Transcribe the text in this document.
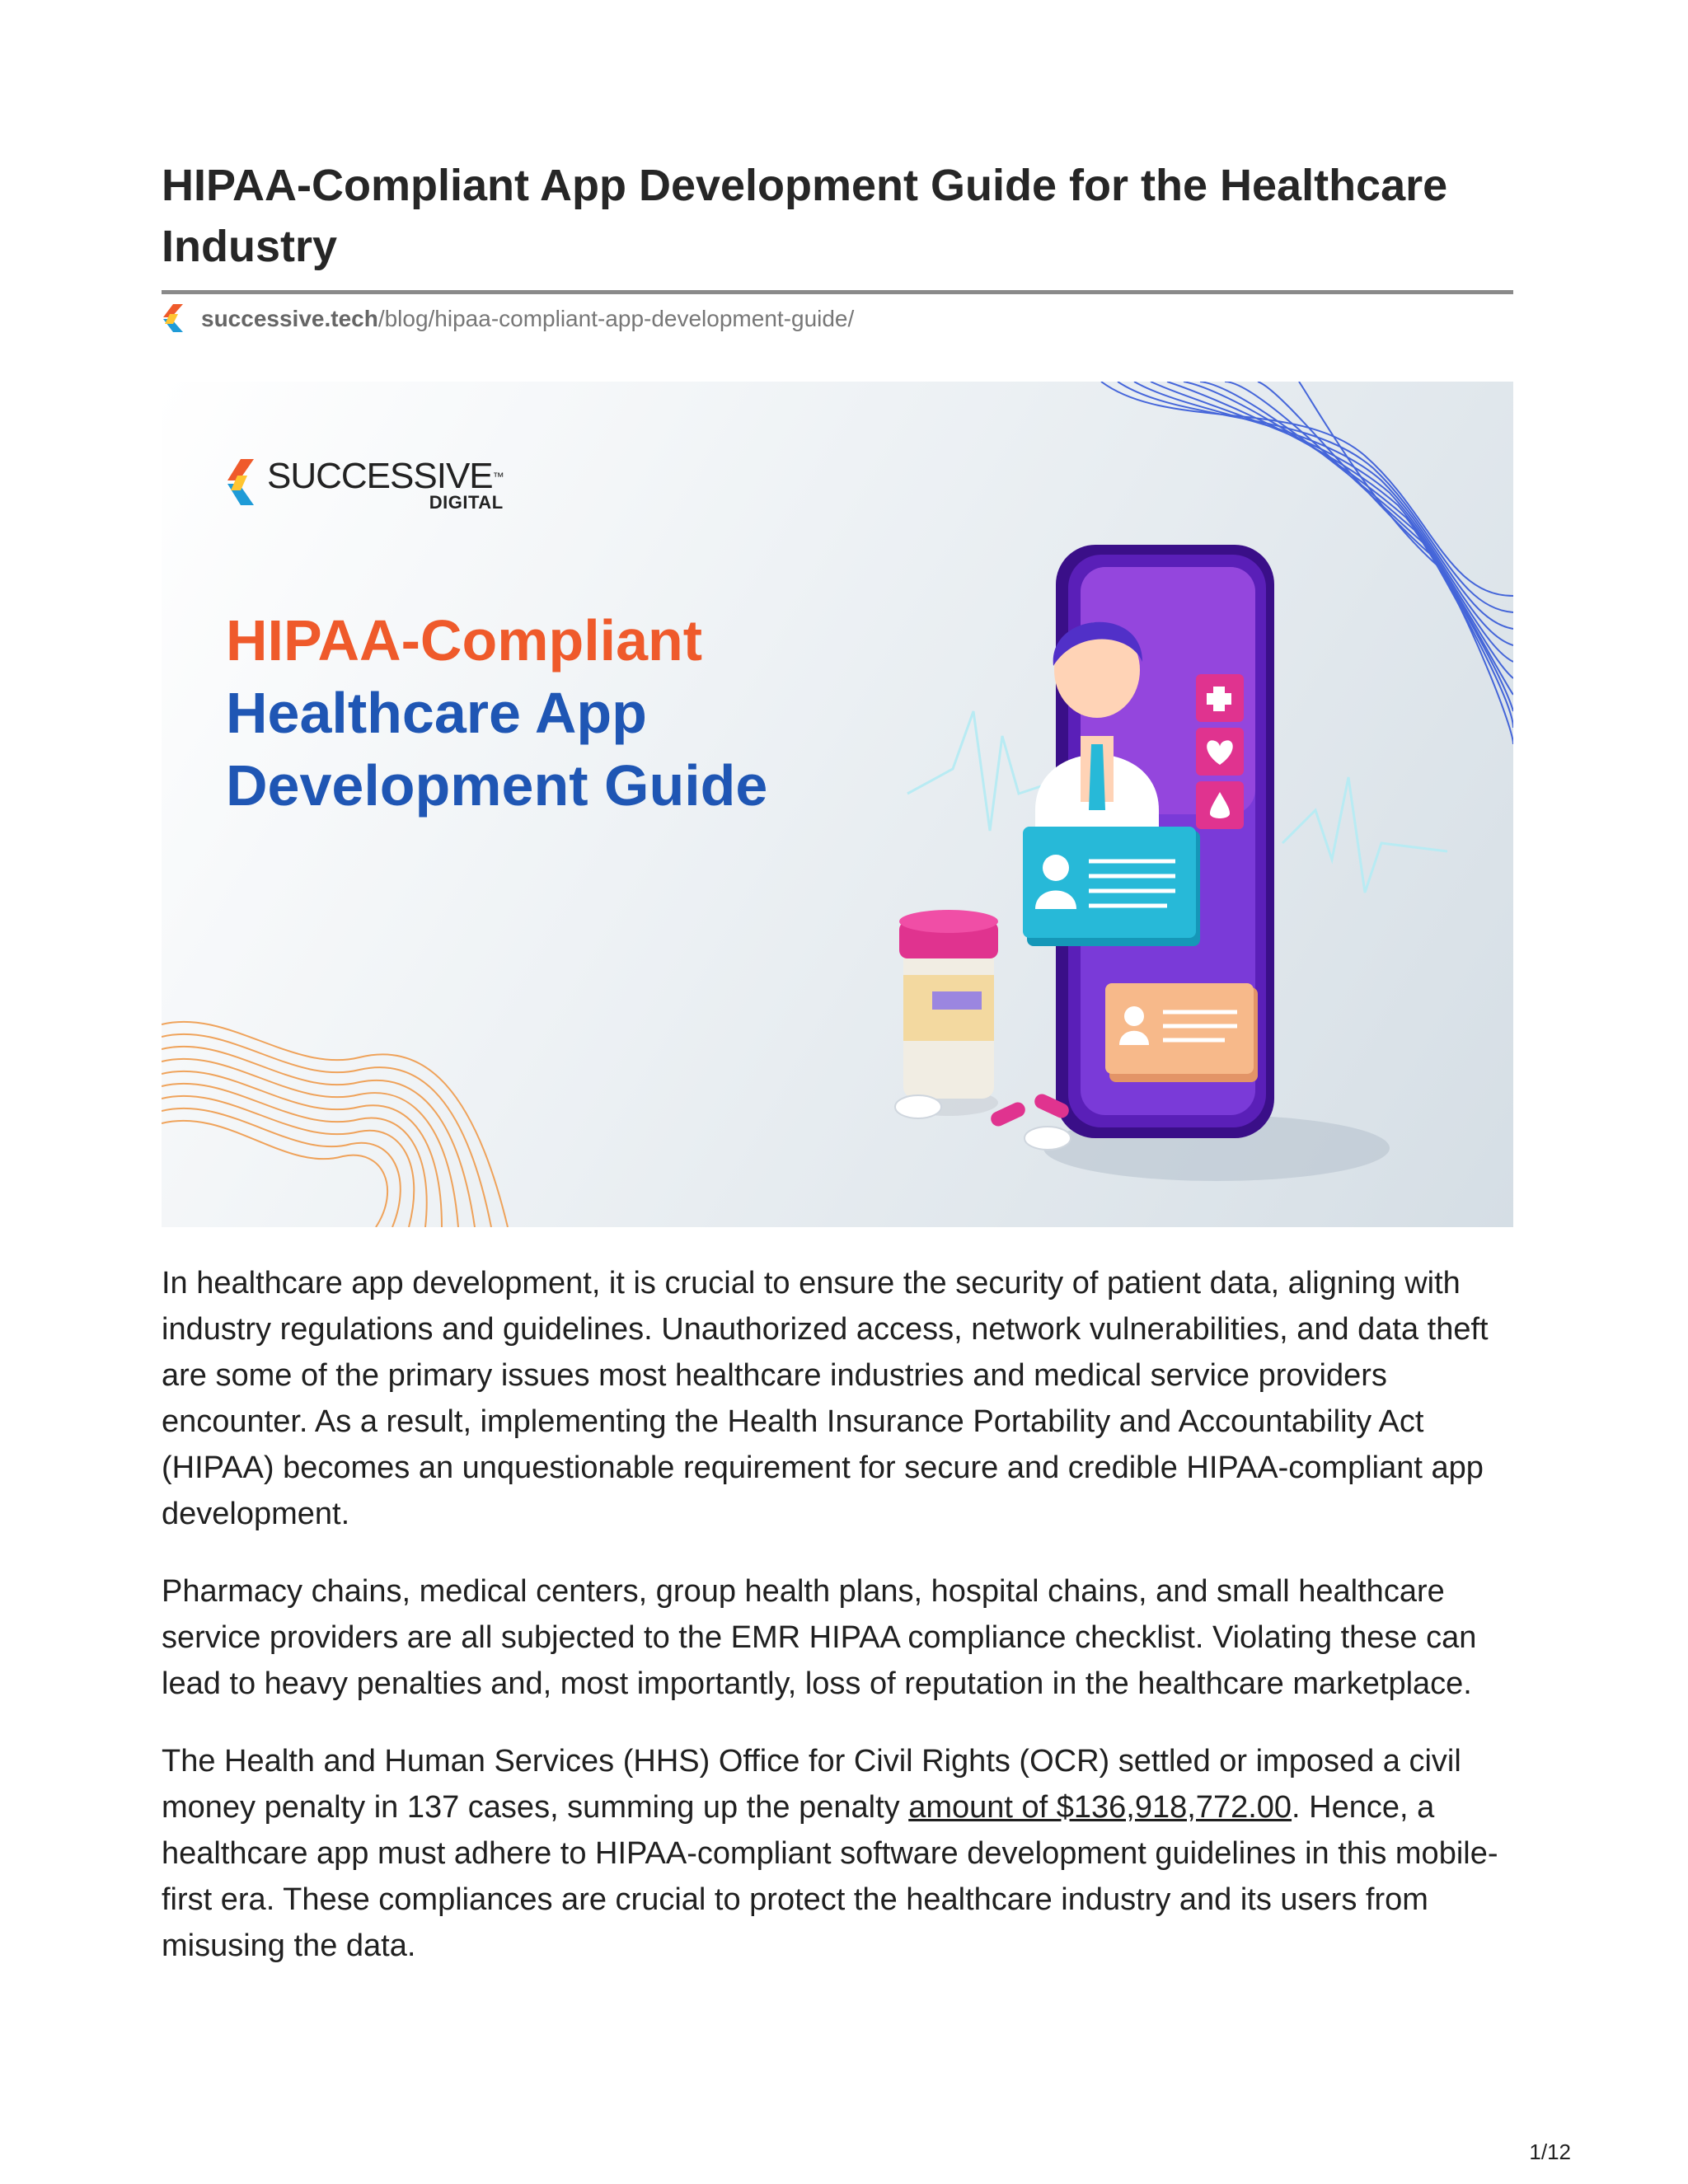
HIPAA-Compliant App Development Guide for the Healthcare Industry
successive.tech /blog/hipaa-compliant-app-development-guide/
SUCCESSIVE™
DIGITAL
HIPAA-Compliant
Healthcare App
Development Guide

In healthcare app development, it is crucial to ensure the security of patient data, aligning with industry regulations and guidelines. Unauthorized access, network vulnerabilities, and data theft are some of the primary issues most healthcare industries and medical service providers encounter. As a result, implementing the Health Insurance Portability and Accountability Act (HIPAA) becomes an unquestionable requirement for secure and credible HIPAA-compliant app development.

Pharmacy chains, medical centers, group health plans, hospital chains, and small healthcare service providers are all subjected to the EMR HIPAA compliance checklist. Violating these can lead to heavy penalties and, most importantly, loss of reputation in the healthcare marketplace.

The Health and Human Services (HHS) Office for Civil Rights (OCR) settled or imposed a civil money penalty in 137 cases, summing up the penalty amount of $136,918,772.00. Hence, a healthcare app must adhere to HIPAA-compliant software development guidelines in this mobile-first era. These compliances are crucial to protect the healthcare industry and its users from misusing the data.

1/12
